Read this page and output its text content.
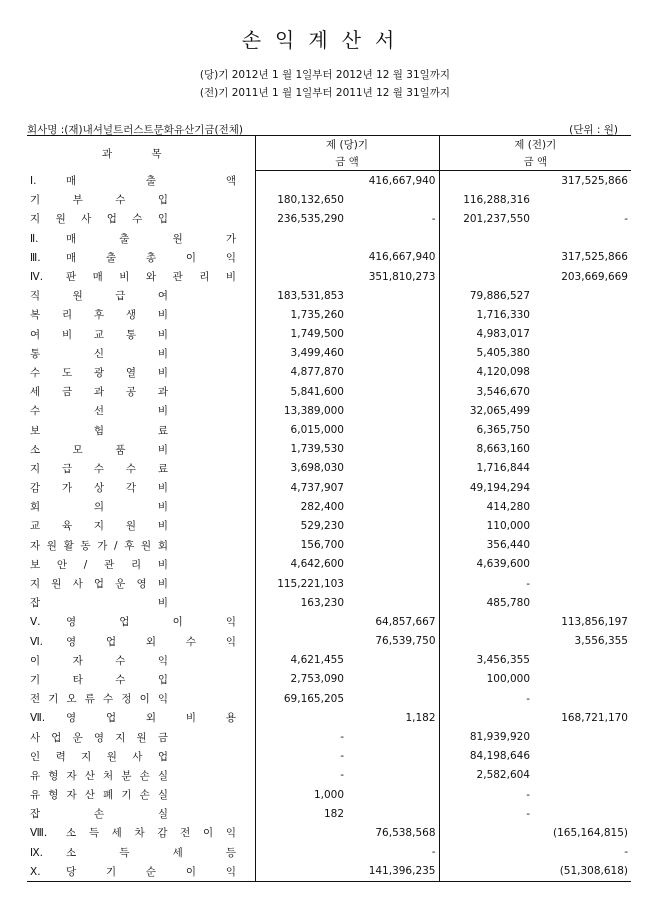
손익계산서
(당)기 2012년 1 월 1일부터 2012년 12 월 31일까지
(전)기 2011년 1 월 1일부터 2011년 12 월 31일까지
회사명 :(재)내셔널트러스트문화유산기금(전체)	(단위 : 원)
과 목	제 (당)기		제 (전)기	
	금 액		금 액	
Ⅰ. 매 출 액		416,667,940		317,525,866
기 부 수 입	180,132,650		116,288,316	
지 원 사 업 수 입	236,535,290	-	201,237,550	-
Ⅱ. 매 출 원 가				
Ⅲ.매 출 총 이 익		416,667,940		317,525,866
Ⅳ.판 매 비 와 관 리 비		351,810,273		203,669,669
직 원 급 여	183,531,853		79,886,527	
복 리 후 생 비	1,735,260		1,716,330	
여 비 교 통 비	1,749,500		4,983,017	
통 신 비	3,499,460		5,405,380	
수 도 광 열 비	4,877,870		4,120,098	
세 금 과 공 과	5,841,600		3,546,670	
수 선 비	13,389,000		32,065,499	
보 험 료	6,015,000		6,365,750	
소 모 품 비	1,739,530		8,663,160	
지 급 수 수 료	3,698,030		1,716,844	
감 가 상 각 비	4,737,907		49,194,294	
회 의 비	282,400		414,280	
교 육 지 원 비	529,230		110,000	
자 원 활 동 가 / 후 원 회	156,700		356,440	
보 안 / 관 리 비	4,642,600		4,639,600	
지 원 사 업 운 영 비	115,221,103		-	
잡 비	163,230		485,780	
Ⅴ.영 업 이 익		64,857,667		113,856,197
Ⅵ.영 업 외 수 익		76,539,750		3,556,355
이 자 수 익	4,621,455		3,456,355	
기 타 수 입	2,753,090		100,000	
전 기 오 류 수 정 이 익	69,165,205		-	
Ⅶ.영 업 외 비 용		1,182		168,721,170
사 업 운 영 지 원 금	-		81,939,920	
인 력 지 원 사 업	-		84,198,646	
유 형 자 산 처 분 손 실	-		2,582,604	
유 형 자 산 폐 기 손 실	1,000		-	
잡 손 실	182		-	
Ⅷ.소 득 세 차 감 전 이 익		76,538,568		(165,164,815)
Ⅸ.소 득 세 등		-		-
Ⅹ.당 기 순 이 익		141,396,235		(51,308,618)
